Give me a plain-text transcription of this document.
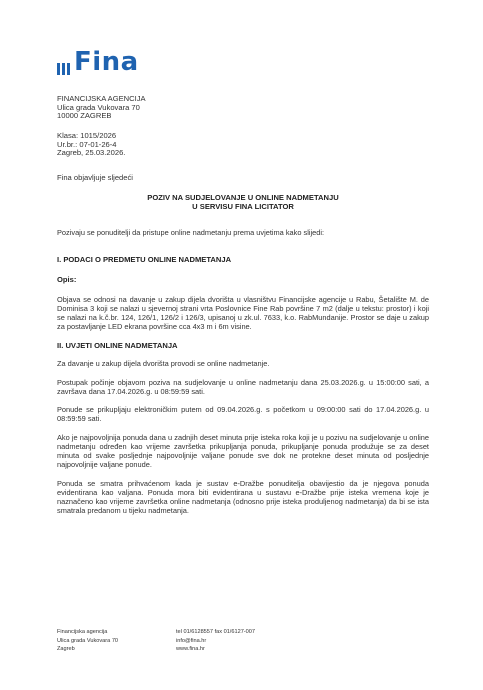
Fina
FINANCIJSKA AGENCIJA
Ulica grada Vukovara 70
10000 ZAGREB
Klasa: 1015/2026
Ur.br.: 07-01-26-4
Zagreb, 25.03.2026.
Fina objavljuje sljedeći
POZIV NA SUDJELOVANJE U ONLINE NADMETANJU
U SERVISU FINA LICITATOR
Pozivaju se ponuditelji da pristupe online nadmetanju prema uvjetima kako slijedi:
I. PODACI O PREDMETU ONLINE NADMETANJA
Opis:
Objava se odnosi na davanje u zakup dijela dvorišta u vlasništvu Financijske agencije u Rabu, Šetalište M. de Dominisa 3 koji se nalazi u sjevernoj strani vrta Poslovnice Fine Rab površine 7 m2 (dalje u tekstu: prostor) i koji se nalazi na k.č.br. 124, 126/1, 126/2 i 126/3, upisanoj u zk.ul. 7633, k.o. RabMundanije. Prostor se daje u zakup za postavljanje LED ekrana površine cca 4x3 m i 6m visine.
II. UVJETI ONLINE NADMETANJA
Za davanje u zakup dijela dvorišta provodi se online nadmetanje.
Postupak počinje objavom poziva na sudjelovanje u online nadmetanju dana 25.03.2026.g. u 15:00:00 sati, a završava dana 17.04.2026.g. u 08:59:59 sati.
Ponude se prikupljaju elektroničkim putem od 09.04.2026.g. s početkom u 09:00:00 sati do 17.04.2026.g. u 08:59:59 sati.
Ako je najpovoljnija ponuda dana u zadnjih deset minuta prije isteka roka koji je u pozivu na sudjelovanje u online nadmetanju određen kao vrijeme završetka prikupljanja ponuda, prikupljanje ponuda produžuje se za deset minuta od svake posljednje najpovoljnije valjane ponude sve dok ne protekne deset minuta od posljednje najpovoljnije valjane ponude.
Ponuda se smatra prihvaćenom kada je sustav e-Dražbe ponuditelja obavijestio da je njegova ponuda evidentirana kao valjana. Ponuda mora biti evidentirana u sustavu e-Dražbe prije isteka vremena koje je naznačeno kao vrijeme završetka online nadmetanja (odnosno prije isteka produljenog nadmetanja) da bi se ista smatrala predanom u tijeku nadmetanja.
Financijska agencija
Ulica grada Vukovara 70
Zagreb
tel 01/6128557 fax 01/6127-007
info@fina.hr
www.fina.hr
